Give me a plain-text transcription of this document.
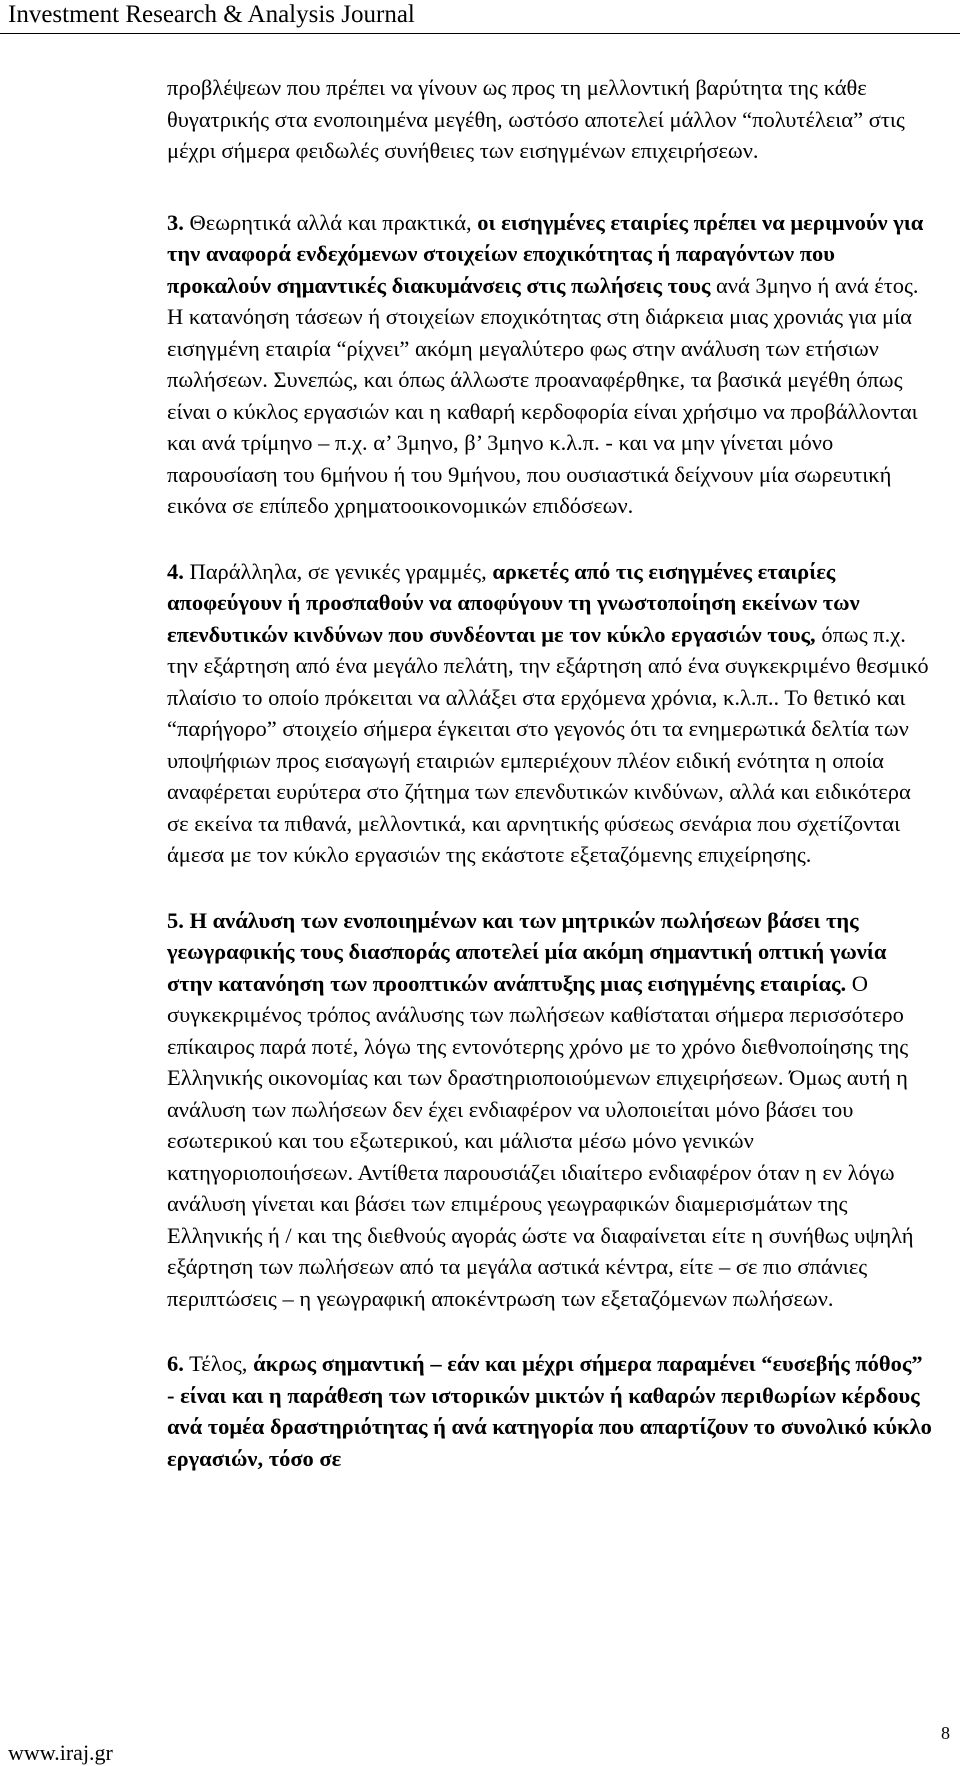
Investment Research & Analysis Journal

προβλέψεων που πρέπει να γίνουν ως προς τη μελλοντική βαρύτητα της κάθε θυγατρικής στα ενοποιημένα μεγέθη, ωστόσο αποτελεί μάλλον “πολυτέλεια” στις μέχρι σήμερα φειδωλές συνήθειες των εισηγμένων επιχειρήσεων.

3. Θεωρητικά αλλά και πρακτικά, οι εισηγμένες εταιρίες πρέπει να μεριμνούν για την αναφορά ενδεχόμενων στοιχείων εποχικότητας ή παραγόντων που προκαλούν σημαντικές διακυμάνσεις στις πωλήσεις τους ανά 3μηνο ή ανά έτος. Η κατανόηση τάσεων ή στοιχείων εποχικότητας στη διάρκεια μιας χρονιάς για μία εισηγμένη εταιρία “ρίχνει” ακόμη μεγαλύτερο φως στην ανάλυση των ετήσιων πωλήσεων. Συνεπώς, και όπως άλλωστε προαναφέρθηκε, τα βασικά μεγέθη όπως είναι ο κύκλος εργασιών και η καθαρή κερδοφορία είναι χρήσιμο να προβάλλονται και ανά τρίμηνο – π.χ. α’ 3μηνο, β’ 3μηνο κ.λ.π. - και να μην γίνεται μόνο παρουσίαση του 6μήνου ή του 9μήνου, που ουσιαστικά δείχνουν μία σωρευτική εικόνα σε επίπεδο χρηματοοικονομικών επιδόσεων.

4. Παράλληλα, σε γενικές γραμμές, αρκετές από τις εισηγμένες εταιρίες αποφεύγουν ή προσπαθούν να αποφύγουν τη γνωστοποίηση εκείνων των επενδυτικών κινδύνων που συνδέονται με τον κύκλο εργασιών τους, όπως π.χ. την εξάρτηση από ένα μεγάλο πελάτη, την εξάρτηση από ένα συγκεκριμένο θεσμικό πλαίσιο το οποίο πρόκειται να αλλάξει στα ερχόμενα χρόνια, κ.λ.π.. Το θετικό και “παρήγορο” στοιχείο σήμερα έγκειται στο γεγονός ότι τα ενημερωτικά δελτία των υποψήφιων προς εισαγωγή εταιριών εμπεριέχουν πλέον ειδική ενότητα η οποία αναφέρεται ευρύτερα στο ζήτημα των επενδυτικών κινδύνων, αλλά και ειδικότερα σε εκείνα τα πιθανά, μελλοντικά, και αρνητικής φύσεως σενάρια που σχετίζονται άμεσα με τον κύκλο εργασιών της εκάστοτε εξεταζόμενης επιχείρησης.

5. Η ανάλυση των ενοποιημένων και των μητρικών πωλήσεων βάσει της γεωγραφικής τους διασποράς αποτελεί μία ακόμη σημαντική οπτική γωνία στην κατανόηση των προοπτικών ανάπτυξης μιας εισηγμένης εταιρίας. Ο συγκεκριμένος τρόπος ανάλυσης των πωλήσεων καθίσταται σήμερα περισσότερο επίκαιρος παρά ποτέ, λόγω της εντονότερης χρόνο με το χρόνο διεθνοποίησης της Ελληνικής οικονομίας και των δραστηριοποιούμενων επιχειρήσεων. Όμως αυτή η ανάλυση των πωλήσεων δεν έχει ενδιαφέρον να υλοποιείται μόνο βάσει του εσωτερικού και του εξωτερικού, και μάλιστα μέσω μόνο γενικών κατηγοριοποιήσεων. Αντίθετα παρουσιάζει ιδιαίτερο ενδιαφέρον όταν η εν λόγω ανάλυση γίνεται και βάσει των επιμέρους γεωγραφικών διαμερισμάτων της Ελληνικής ή / και της διεθνούς αγοράς ώστε να διαφαίνεται είτε η συνήθως υψηλή εξάρτηση των πωλήσεων από τα μεγάλα αστικά κέντρα, είτε – σε πιο σπάνιες περιπτώσεις – η γεωγραφική αποκέντρωση των εξεταζόμενων πωλήσεων.

6. Τέλος, άκρως σημαντική – εάν και μέχρι σήμερα παραμένει “ευσεβής πόθος” - είναι και η παράθεση των ιστορικών μικτών ή καθαρών περιθωρίων κέρδους ανά τομέα δραστηριότητας ή ανά κατηγορία που απαρτίζουν το συνολικό κύκλο εργασιών, τόσο σε

www.iraj.gr
8
